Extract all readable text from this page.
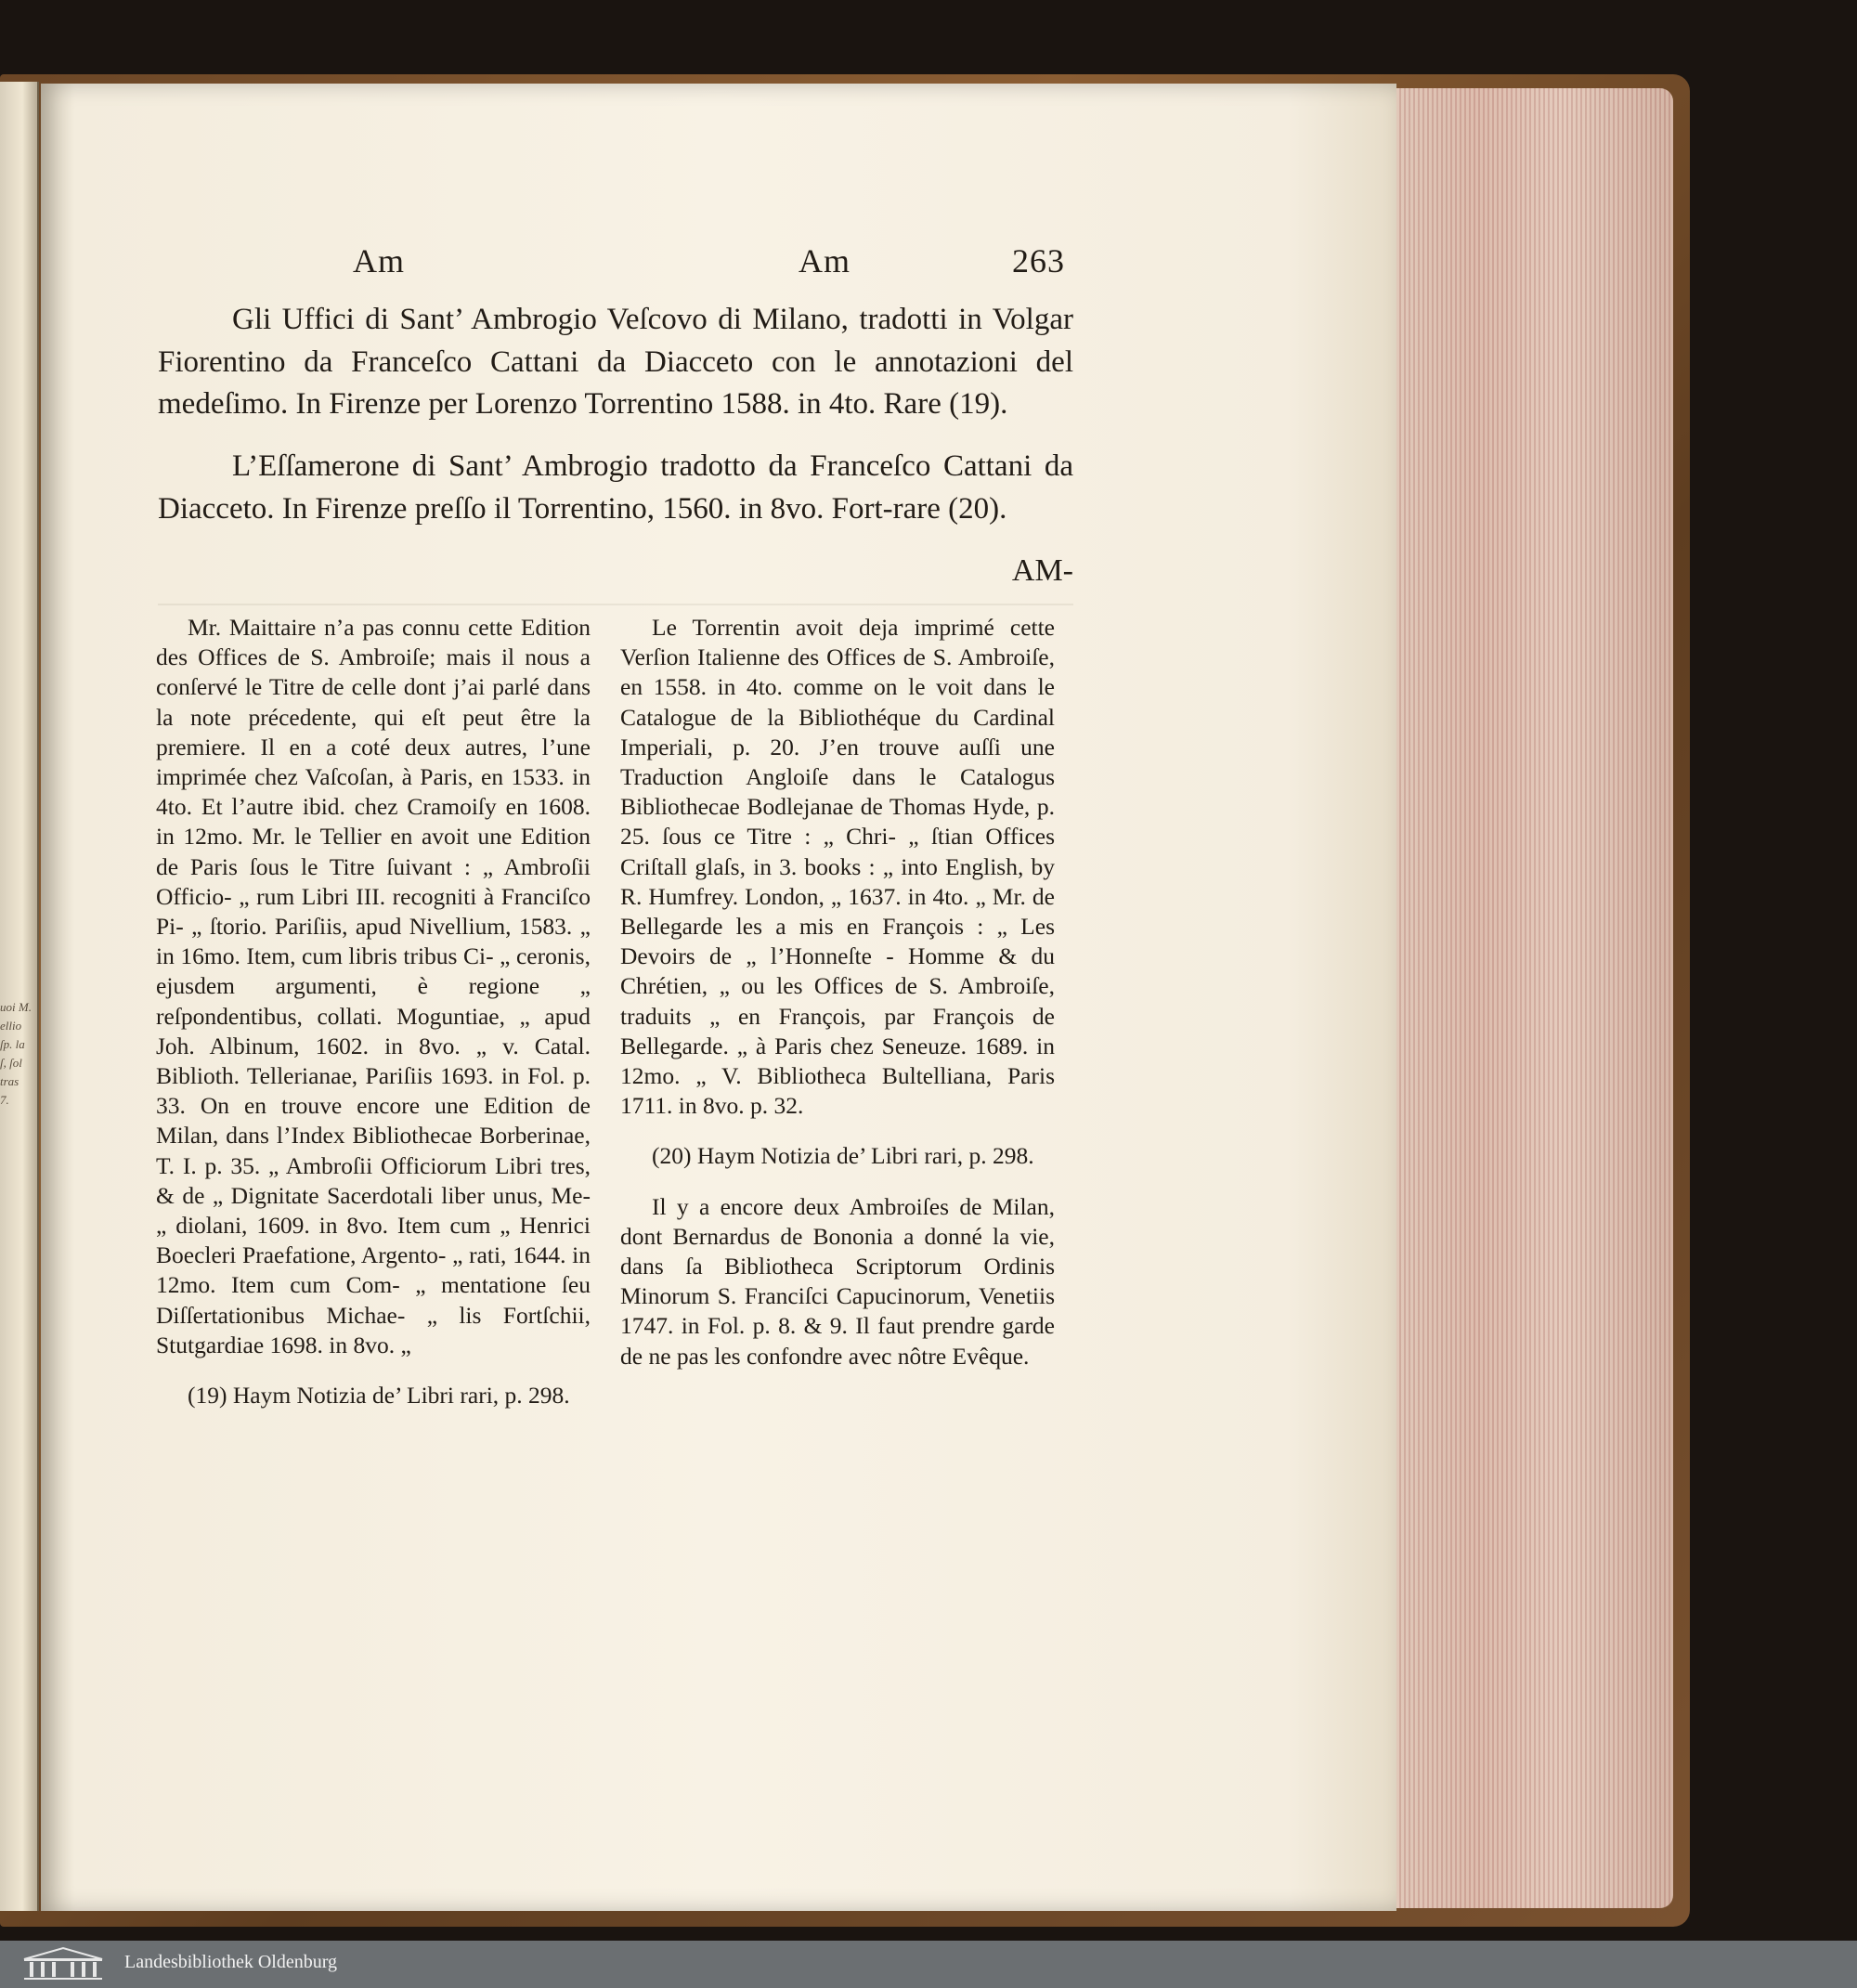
uoi M.
ellio
ſp. la
ſ, ſol
tras
7.
Am	Am	263
Gli Uffici di Sant’ Ambrogio Veſcovo di Milano, tradotti in Volgar Fiorentino da Franceſco Cattani da Diacceto con le annotazioni del medeſimo. In Firenze per Lorenzo Torrentino 1588. in 4to. Rare (19).
L’Eſſamerone di Sant’ Ambrogio tradotto da Franceſco Cattani da Diacceto. In Firenze preſſo il Torrentino, 1560. in 8vo. Fort-rare (20).
AM-

Mr. Maittaire n’a pas connu cette Edition des Offices de S. Ambroiſe; mais il nous a conſervé le Titre de celle dont j’ai parlé dans la note précedente, qui eſt peut être la premiere. Il en a coté deux autres, l’une imprimée chez Vaſcoſan, à Paris, en 1533. in 4to. Et l’autre ibid. chez Cramoiſy en 1608. in 12mo. Mr. le Tellier en avoit une Edition de Paris ſous le Titre ſuivant : „ Ambroſii Officio- „ rum Libri III. recogniti à Franciſco Pi- „ ſtorio. Pariſiis, apud Nivellium, 1583. „ in 16mo. Item, cum libris tribus Ci- „ ceronis, ejusdem argumenti, è regione „ reſpondentibus, collati. Moguntiae, „ apud Joh. Albinum, 1602. in 8vo. „ v. Catal. Biblioth. Tellerianae, Pariſiis 1693. in Fol. p. 33. On en trouve encore une Edition de Milan, dans l’Index Bibliothecae Borberinae, T. I. p. 35. „ Ambroſii Officiorum Libri tres, & de „ Dignitate Sacerdotali liber unus, Me- „ diolani, 1609. in 8vo. Item cum „ Henrici Boecleri Praefatione, Argento- „ rati, 1644. in 12mo. Item cum Com- „ mentatione ſeu Diſſertationibus Michae- „ lis Fortſchii, Stutgardiae 1698. in 8vo. „

(19) Haym Notizia de’ Libri rari, p. 298.

Le Torrentin avoit deja imprimé cette Verſion Italienne des Offices de S. Ambroiſe, en 1558. in 4to. comme on le voit dans le Catalogue de la Bibliothéque du Cardinal Imperiali, p. 20. J’en trouve auſſi une Traduction Angloiſe dans le Catalogus Bibliothecae Bodlejanae de Thomas Hyde, p. 25. ſous ce Titre : „ Chri- „ ſtian Offices Criſtall glaſs, in 3. books : „ into English, by R. Humfrey. London, „ 1637. in 4to. „ Mr. de Bellegarde les a mis en François : „ Les Devoirs de „ l’Honneſte - Homme & du Chrétien, „ ou les Offices de S. Ambroiſe, traduits „ en François, par François de Bellegarde. „ à Paris chez Seneuze. 1689. in 12mo. „ V. Bibliotheca Bultelliana, Paris 1711. in 8vo. p. 32.

(20) Haym Notizia de’ Libri rari, p. 298.

Il y a encore deux Ambroiſes de Milan, dont Bernardus de Bononia a donné la vie, dans ſa Bibliotheca Scriptorum Ordinis Minorum S. Franciſci Capucinorum, Venetiis 1747. in Fol. p. 8. & 9. Il faut prendre garde de ne pas les confondre avec nôtre Evêque.

Landesbibliothek Oldenburg
